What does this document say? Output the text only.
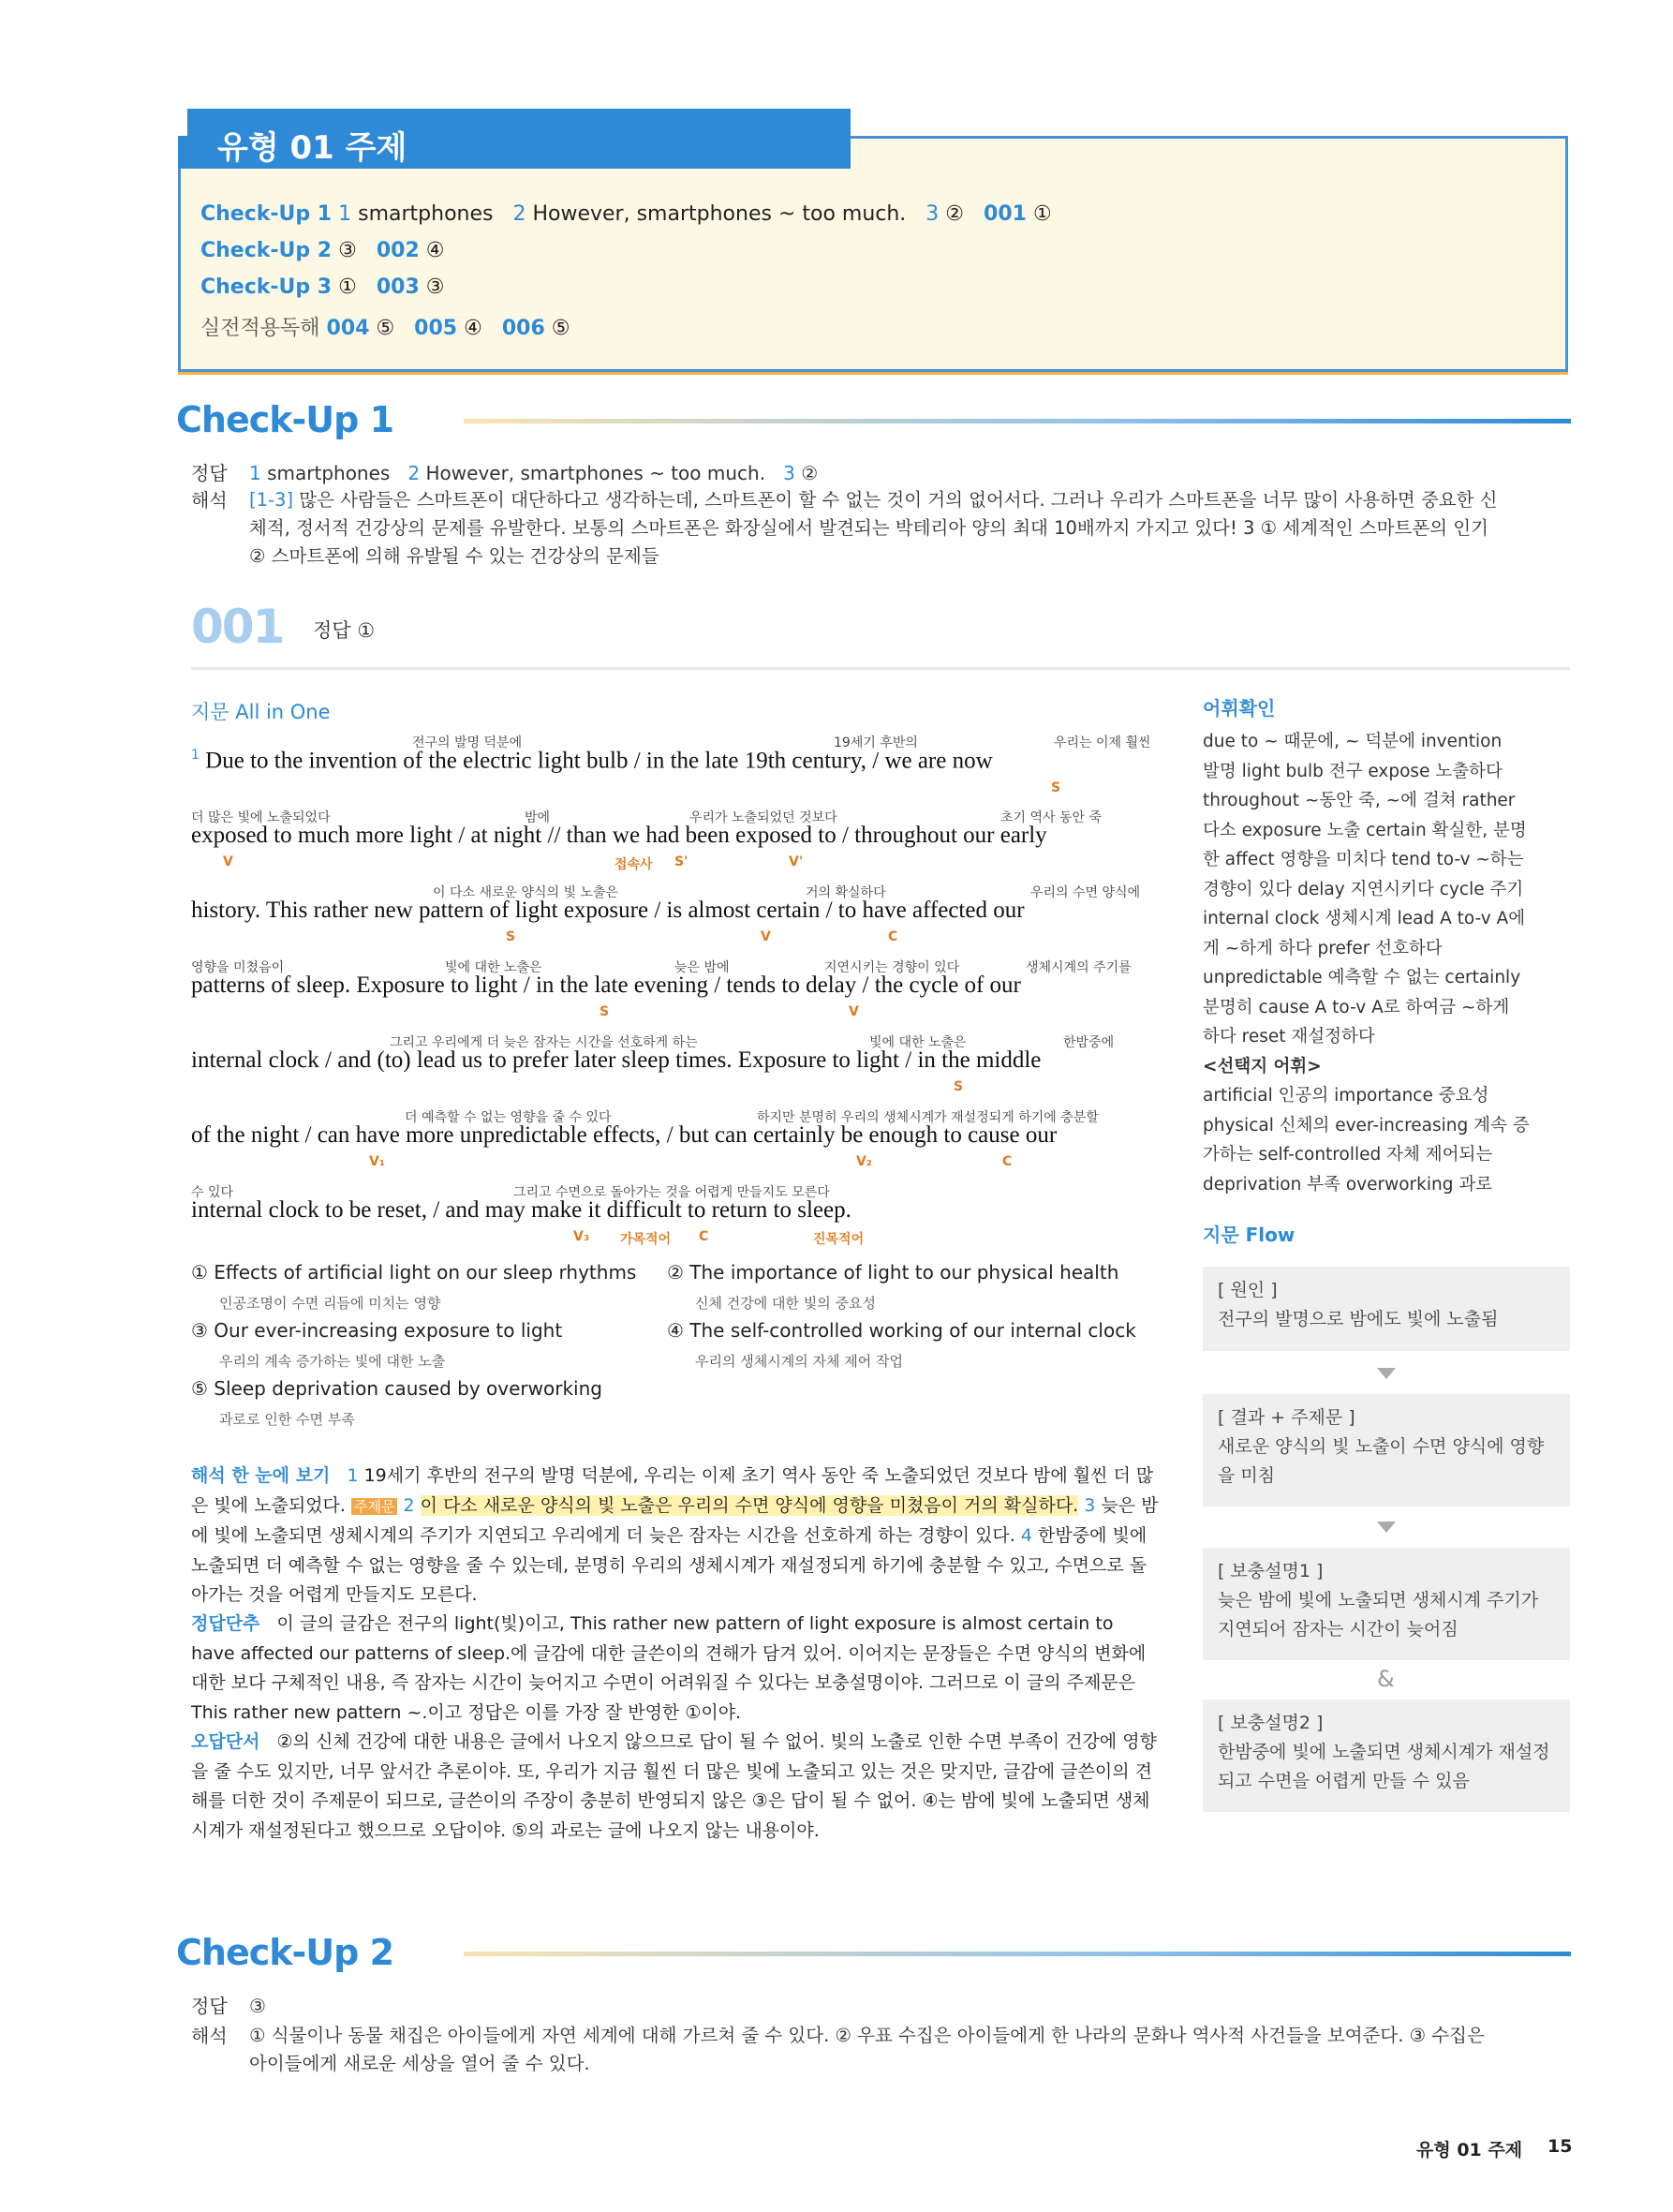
유형 01 주제
Check-Up 1 1 smartphones 2 However, smartphones ~ too much. 3 ② 001 ①
Check-Up 2 ③ 002 ④
Check-Up 3 ① 003 ③
실전적용독해 004 ⑤ 005 ④ 006 ⑤
Check-Up 1
정답 1 smartphones 2 However, smartphones ~ too much. 3 ②
해석 [1-3] 많은 사람들은 스마트폰이 대단하다고 생각하는데, 스마트폰이 할 수 없는 것이 거의 없어서다. 그러나 우리가 스마트폰을 너무 많이 사용하면 중요한 신
체적, 정서적 건강상의 문제를 유발한다. 보통의 스마트폰은 화장실에서 발견되는 박테리아 양의 최대 10배까지 가지고 있다! 3 ① 세계적인 스마트폰의 인기
② 스마트폰에 의해 유발될 수 있는 건강상의 문제들
001 정답 ①
지문 All in One
전구의 발명 덕분에	19세기 후반의	우리는 이제 훨씬
$^1$ Due to the invention of the electric light bulb / in the late 19th century, / we are now
S
더 많은 빛에 노출되었다	밤에	우리가 노출되었던 것보다	초기 역사 동안 죽
exposed to much more light / at night // than we had been exposed to / throughout our early
V	접속사 S'	V'
이 다소 새로운 양식의 빛 노출은	거의 확실하다	우리의 수면 양식에
history. This rather new pattern of light exposure / is almost certain / to have affected our
S	V	C
영향을 미쳤음이	빛에 대한 노출은	늦은 밤에	지연시키는 경향이 있다	생체시계의 주기를
patterns of sleep. Exposure to light / in the late evening / tends to delay / the cycle of our
S	V
그리고 우리에게 더 늦은 잠자는 시간을 선호하게 하는	빛에 대한 노출은	한밤중에
internal clock / and (to) lead us to prefer later sleep times. Exposure to light / in the middle
S
더 예측할 수 없는 영향을 줄 수 있다	하지만 분명히 우리의 생체시계가 재설정되게 하기에 충분할
of the night / can have more unpredictable effects, / but can certainly be enough to cause our
V₁	V₂	C
수 있다	그리고 수면으로 돌아가는 것을 어렵게 만들지도 모른다
internal clock to be reset, / and may make it difficult to return to sleep.
V₃ 가목적어 C	진목적어
① Effects of artificial light on our sleep rhythms
인공조명이 수면 리듬에 미치는 영향
② The importance of light to our physical health
신체 건강에 대한 빛의 중요성
③ Our ever-increasing exposure to light
우리의 계속 증가하는 빛에 대한 노출
④ The self-controlled working of our internal clock
우리의 생체시계의 자체 제어 작업
⑤ Sleep deprivation caused by overworking
과로로 인한 수면 부족
해석 한 눈에 보기 1 19세기 후반의 전구의 발명 덕분에, 우리는 이제 초기 역사 동안 죽 노출되었던 것보다 밤에 훨씬 더 많은 빛에 노출되었다. 주제문 2 이 다소 새로운 양식의 빛 노출은 우리의 수면 양식에 영향을 미쳤음이 거의 확실하다. 3 늦은 밤에 빛에 노출되면 생체시계의 주기가 지연되고 우리에게 더 늦은 잠자는 시간을 선호하게 하는 경향이 있다. 4 한밤중에 빛에 노출되면 더 예측할 수 없는 영향을 줄 수 있는데, 분명히 우리의 생체시계가 재설정되게 하기에 충분할 수 있고, 수면으로 돌아가는 것을 어렵게 만들지도 모른다.
정답단추 이 글의 글감은 전구의 light(빛)이고, This rather new pattern of light exposure is almost certain to have affected our patterns of sleep.에 글감에 대한 글쓴이의 견해가 담겨 있어. 이어지는 문장들은 수면 양식의 변화에 대한 보다 구체적인 내용, 즉 잠자는 시간이 늦어지고 수면이 어려워질 수 있다는 보충설명이야. 그러므로 이 글의 주제문은 This rather new pattern ~.이고 정답은 이를 가장 잘 반영한 ①이야.
오답단서 ②의 신체 건강에 대한 내용은 글에서 나오지 않으므로 답이 될 수 없어. 빛의 노출로 인한 수면 부족이 건강에 영향을 줄 수도 있지만, 너무 앞서간 추론이야. 또, 우리가 지금 훨씬 더 많은 빛에 노출되고 있는 것은 맞지만, 글감에 글쓴이의 견해를 더한 것이 주제문이 되므로, 글쓴이의 주장이 충분히 반영되지 않은 ③은 답이 될 수 없어. ④는 밤에 빛에 노출되면 생체시계가 재설정된다고 했으므로 오답이야. ⑤의 과로는 글에 나오지 않는 내용이야.
어휘확인
due to ~ 때문에, ~ 덕분에 invention
발명 light bulb 전구 expose 노출하다
throughout ~동안 죽, ~에 걸쳐 rather
다소 exposure 노출 certain 확실한, 분명
한 affect 영향을 미치다 tend to-v ~하는
경향이 있다 delay 지연시키다 cycle 주기
internal clock 생체시계 lead A to-v A에
게 ~하게 하다 prefer 선호하다
unpredictable 예측할 수 없는 certainly
분명히 cause A to-v A로 하여금 ~하게
하다 reset 재설정하다
<선택지 어휘>
artificial 인공의 importance 중요성
physical 신체의 ever-increasing 계속 증
가하는 self-controlled 자체 제어되는
deprivation 부족 overworking 과로
지문 Flow
[ 원인 ]
전구의 발명으로 밤에도 빛에 노출됨
[ 결과 + 주제문 ]
새로운 양식의 빛 노출이 수면 양식에 영향을 미침
[ 보충설명1 ]
늦은 밤에 빛에 노출되면 생체시계 주기가 지연되어 잠자는 시간이 늦어짐
&
[ 보충설명2 ]
한밤중에 빛에 노출되면 생체시계가 재설정되고 수면을 어렵게 만들 수 있음
Check-Up 2
정답 ③
해석 ① 식물이나 동물 채집은 아이들에게 자연 세계에 대해 가르쳐 줄 수 있다. ② 우표 수집은 아이들에게 한 나라의 문화나 역사적 사건들을 보여준다. ③ 수집은
아이들에게 새로운 세상을 열어 줄 수 있다.
유형 01 주제 15
